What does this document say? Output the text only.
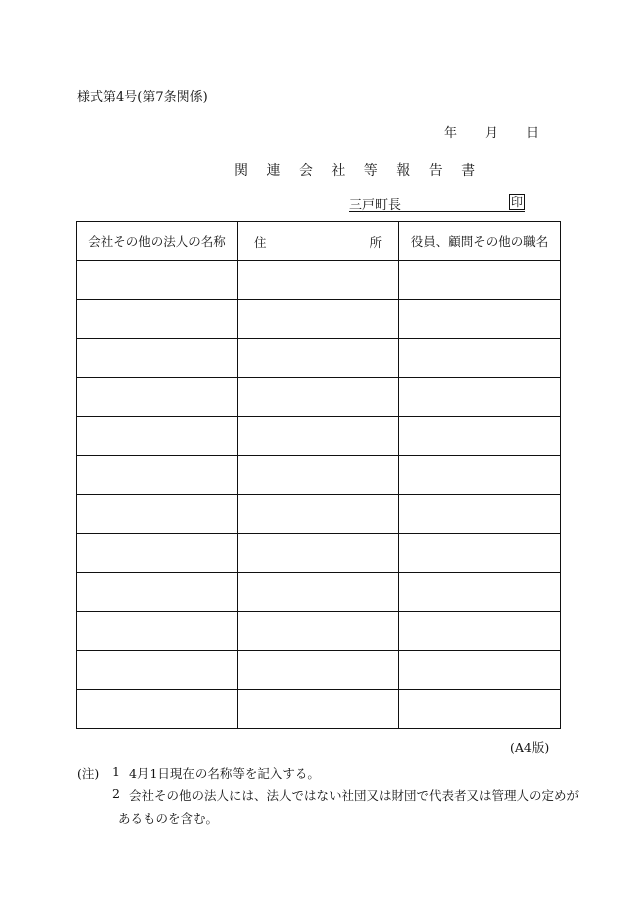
様式第4号(第7条関係)
年 月 日
関 連 会 社 等 報 告 書
三戸町長	印
会社その他の法人の名称	住 所	役員、顧問その他の職名

(A4版)
(注) 1 4月1日現在の名称等を記入する。
2 会社その他の法人には、法人ではない社団又は財団で代表者又は管理人の定めが
あるものを含む。
